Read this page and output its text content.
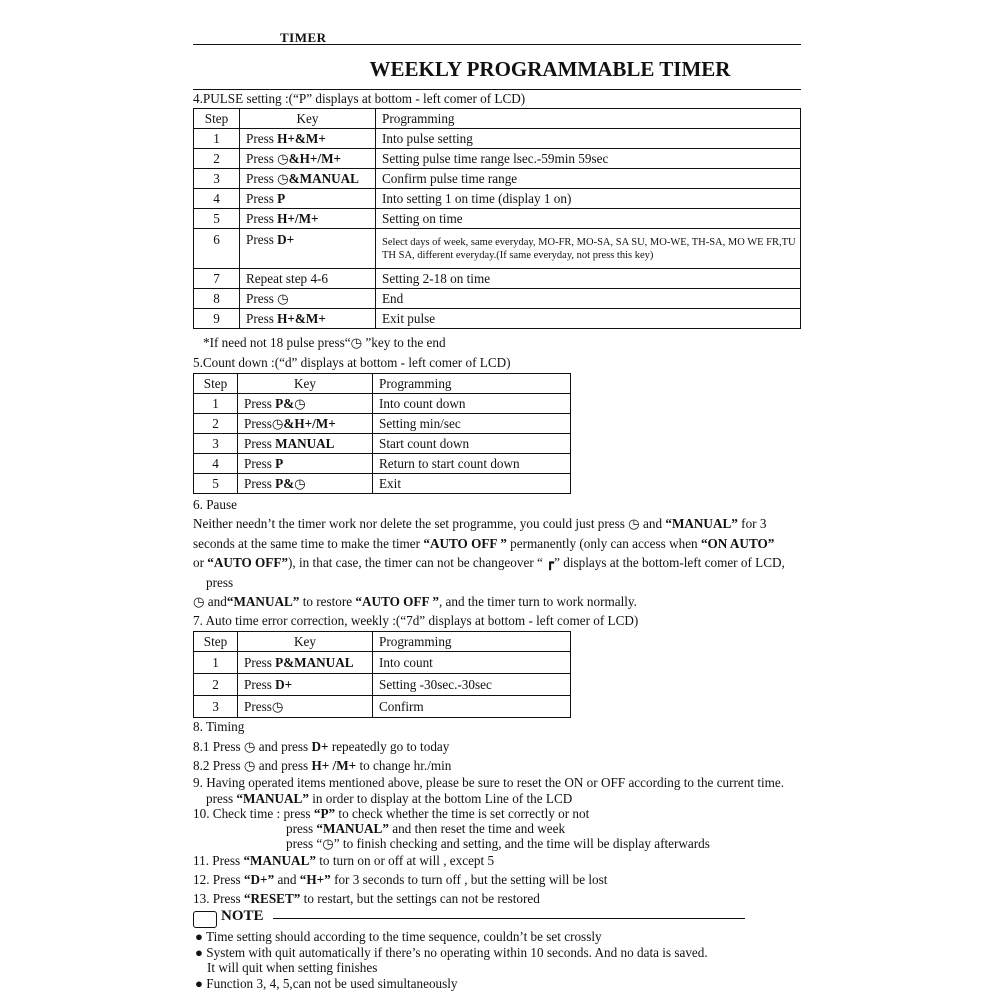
TIMER
WEEKLY PROGRAMMABLE TIMER
4.PULSE setting :(“P” displays at bottom - left comer of LCD)
Step	Key	Programming
1	Press H+&M+	Into pulse setting
2	Press ◷&H+/M+	Setting pulse time range lsec.-59min 59sec
3	Press ◷&MANUAL	Confirm pulse time range
4	Press P	Into setting 1 on time (display 1 on)
5	Press H+/M+	Setting on time
6	Press D+	Select days of week, same everyday, MO-FR, MO-SA, SA SU, MO-WE, TH-SA, MO WE FR,TU TH SA, different everyday.(If same everyday, not press this key)
7	Repeat step 4-6	Setting 2-18 on time
8	Press ◷	End
9	Press H+&M+	Exit pulse
*If need not 18 pulse press“◷ ”key to the end
5.Count down :(“d” displays at bottom - left comer of LCD)
Step	Key	Programming
1	Press P&◷	Into count down
2	Press◷&H+/M+	Setting min/sec
3	Press MANUAL	Start count down
4	Press P	Return to start count down
5	Press P&◷	Exit
6. Pause
Neither needn’t the timer work nor delete the set programme, you could just press ◷ and “MANUAL” for 3
seconds at the same time to make the timer “AUTO OFF ” permanently (only can access when “ON AUTO”
or “AUTO OFF”), in that case, the timer can not be changeover “ ┏” displays at the bottom-left comer of LCD,
press
◷ and“MANUAL” to restore “AUTO OFF ”, and the timer turn to work normally.
7. Auto time error correction, weekly :(“7d” displays at bottom - left comer of LCD)
Step	Key	Programming
1	Press P&MANUAL	Into count
2	Press D+	Setting -30sec.-30sec
3	Press◷	Confirm
8. Timing
8.1 Press ◷ and press D+ repeatedly go to today
8.2 Press ◷ and press H+ /M+ to change hr./min
9. Having operated items mentioned above, please be sure to reset the ON or OFF according to the current time.
press “MANUAL” in order to display at the bottom Line of the LCD
10. Check time : press “P” to check whether the time is set correctly or not
press “MANUAL” and then reset the time and week
press “◷” to finish checking and setting, and the time will be display afterwards
11. Press “MANUAL” to turn on or off at will , except 5
12. Press “D+” and “H+” for 3 seconds to turn off , but the setting will be lost
13. Press “RESET” to restart, but the settings can not be restored
NOTE
● Time setting should according to the time sequence, couldn’t be set crossly
● System with quit automatically if there’s no operating within 10 seconds. And no data is saved.
It will quit when setting finishes
● Function 3, 4, 5,can not be used simultaneously
